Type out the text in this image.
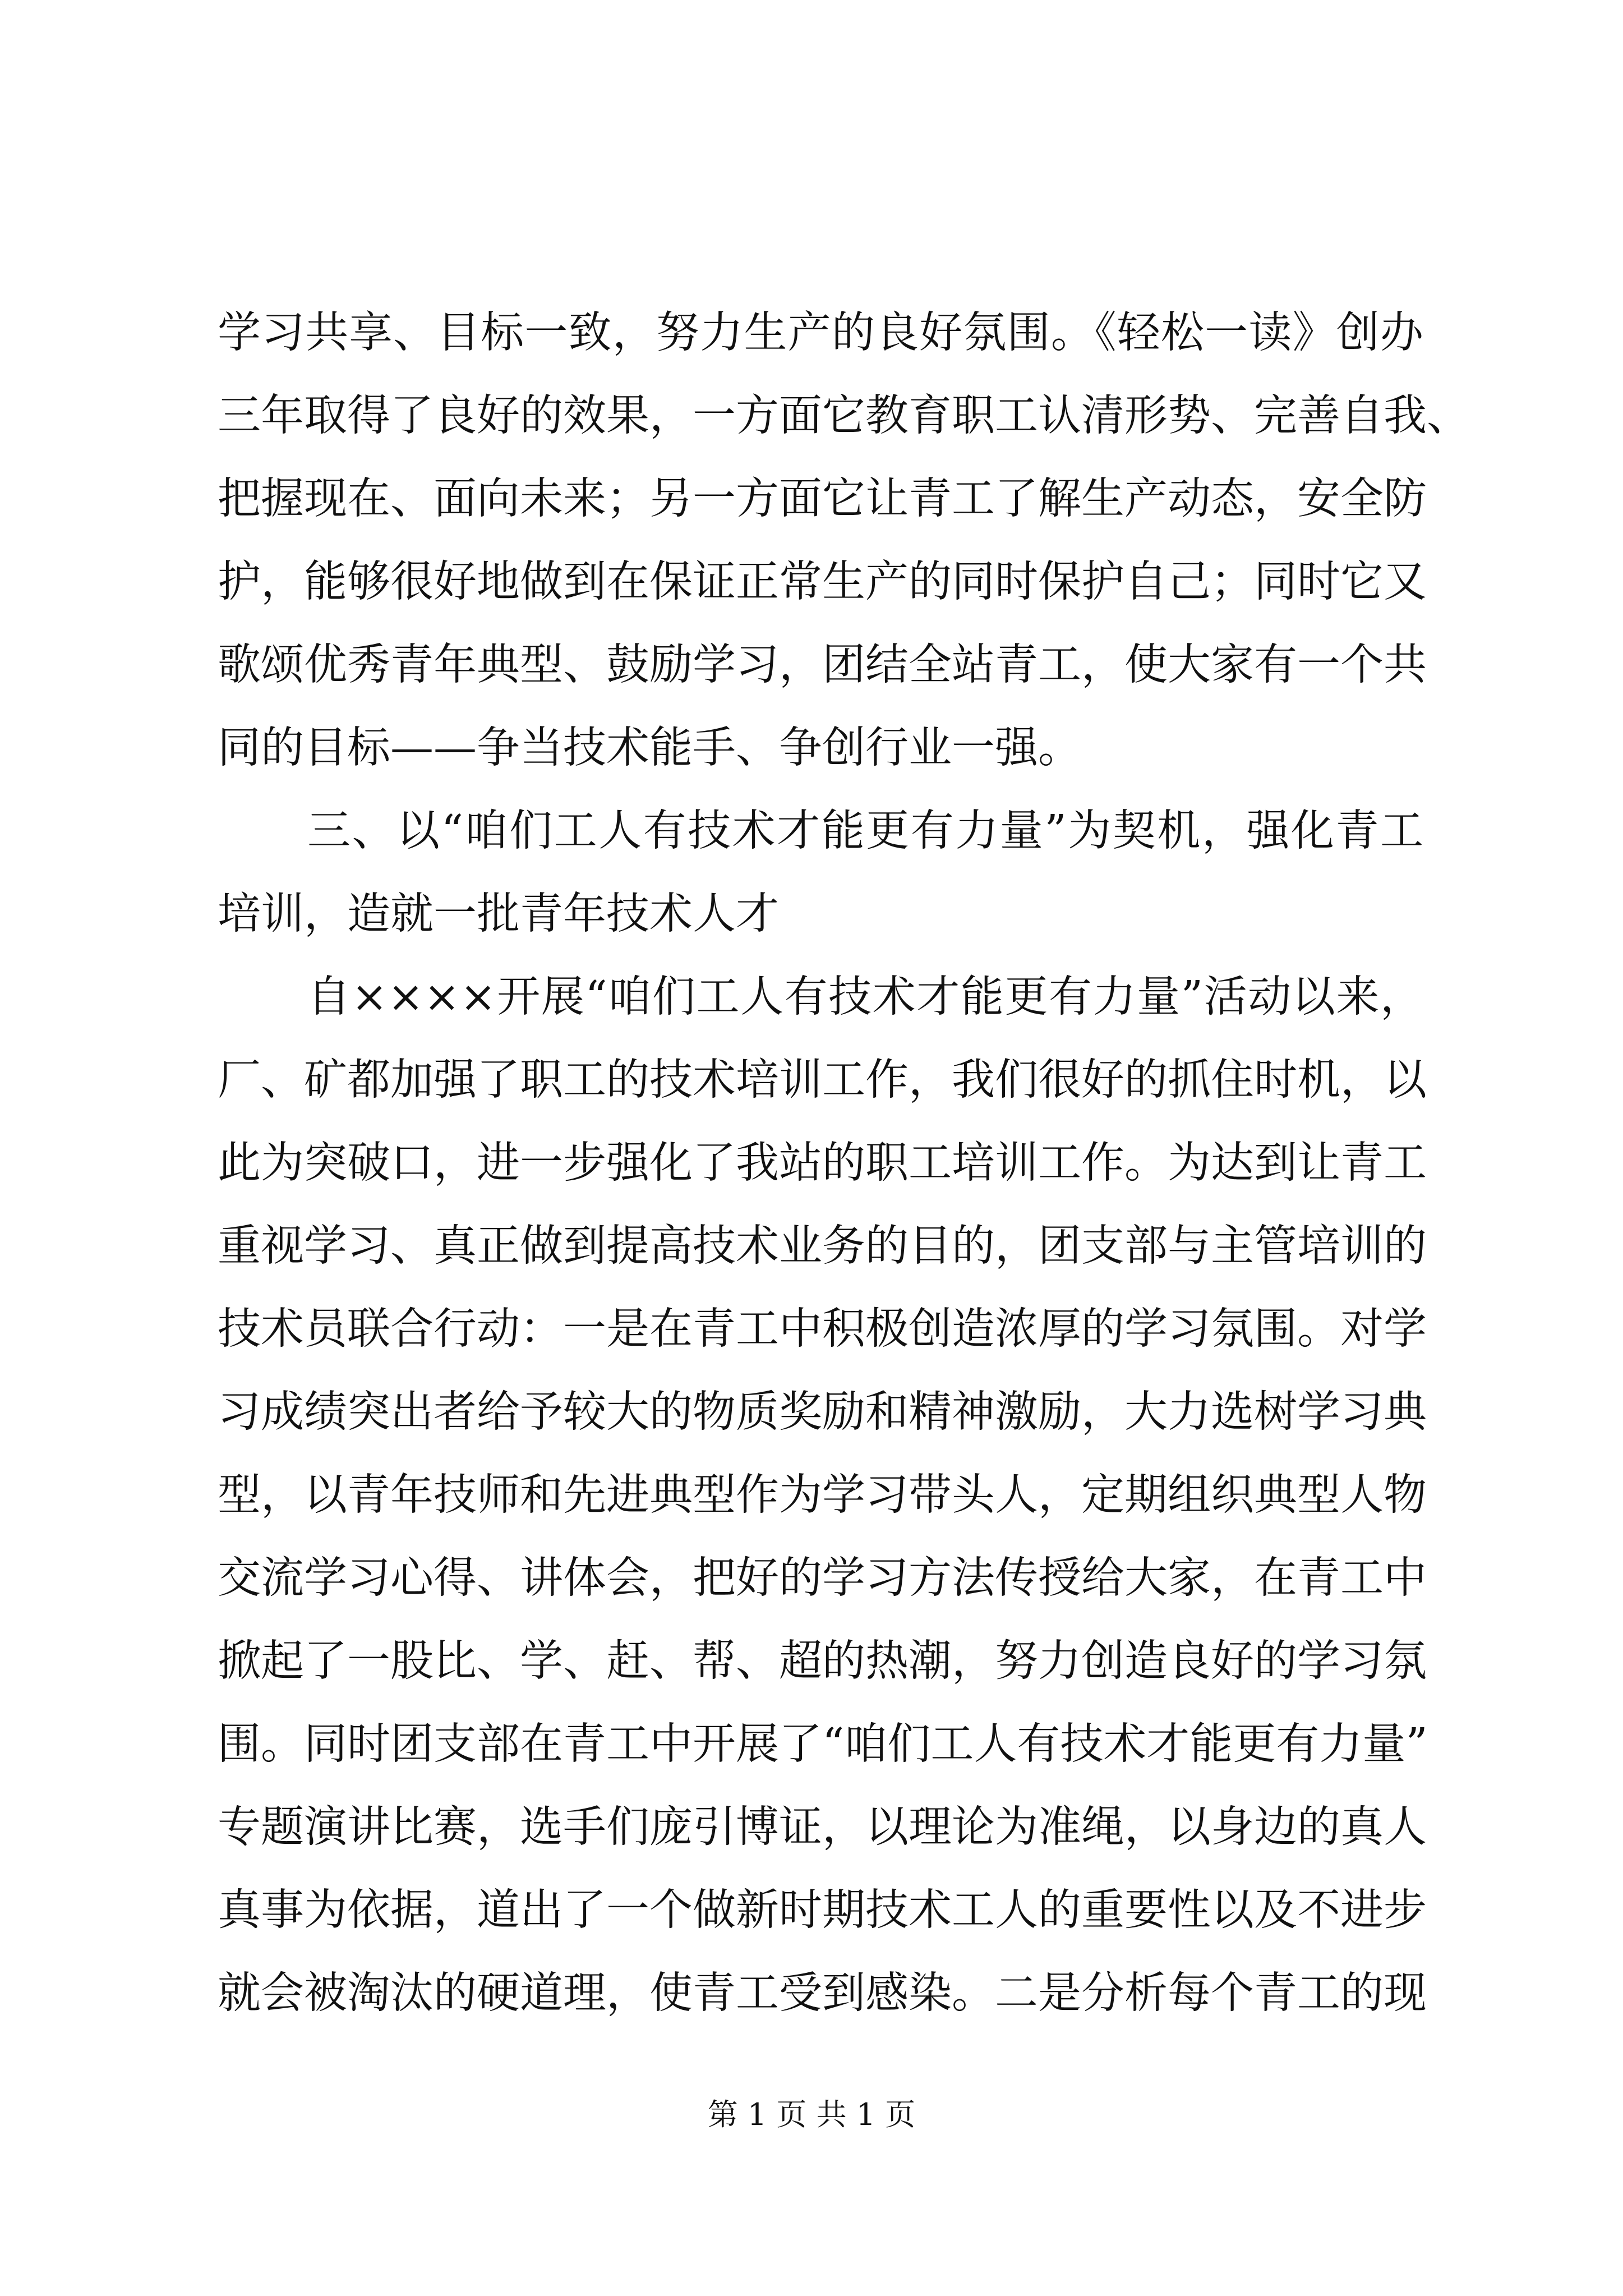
学习共享、目标一致，努力生产的良好氛围。《轻松一读》创办
三年取得了良好的效果，一方面它教育职工认清形势、完善自我、
把握现在、面向未来；另一方面它让青工了解生产动态，安全防
护，能够很好地做到在保证正常生产的同时保护自己；同时它又
歌颂优秀青年典型、鼓励学习，团结全站青工，使大家有一个共
同的目标——争当技术能手、争创行业一强。
三、以“咱们工人有技术才能更有力量”为契机，强化青工
培训，造就一批青年技术人才
自××××开展“咱们工人有技术才能更有力量”活动以来，
厂、矿都加强了职工的技术培训工作，我们很好的抓住时机，以
此为突破口，进一步强化了我站的职工培训工作。为达到让青工
重视学习、真正做到提高技术业务的目的，团支部与主管培训的
技术员联合行动：一是在青工中积极创造浓厚的学习氛围。对学
习成绩突出者给予较大的物质奖励和精神激励，大力选树学习典
型，以青年技师和先进典型作为学习带头人，定期组织典型人物
交流学习心得、讲体会，把好的学习方法传授给大家，在青工中
掀起了一股比、学、赶、帮、超的热潮，努力创造良好的学习氛
围。同时团支部在青工中开展了“咱们工人有技术才能更有力量”
专题演讲比赛，选手们庞引博证，以理论为准绳，以身边的真人
真事为依据，道出了一个做新时期技术工人的重要性以及不进步
就会被淘汰的硬道理，使青工受到感染。二是分析每个青工的现
第 1 页 共 1 页
